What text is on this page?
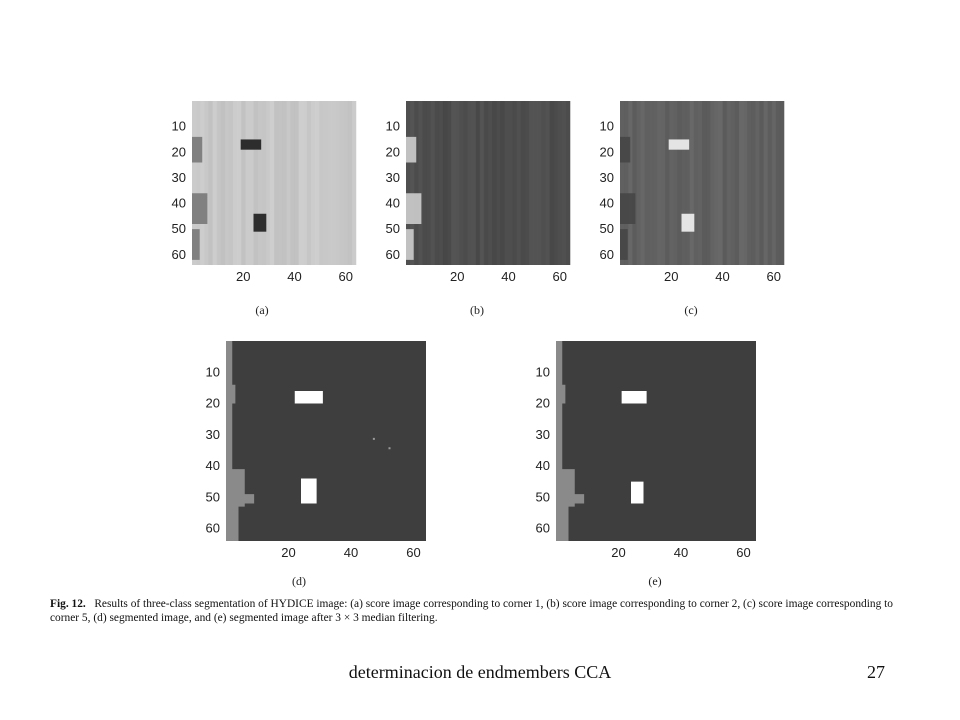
10
20
30
40
50
60
20	40	60
(a)
10
20
30
40
50
60
20	40	60
(b)
10
20
30
40
50
60
20	40	60
(c)
10
20
30
40
50
60
20	40	60
(d)
10
20
30
40
50
60
20	40	60
(e)
Fig. 12. Results of three-class segmentation of HYDICE image: (a) score image corresponding to corner 1, (b) score image corresponding to corner 2, (c) score image corresponding to corner 5, (d) segmented image, and (e) segmented image after 3 × 3 median filtering.
determinacion de endmembers CCA	27
